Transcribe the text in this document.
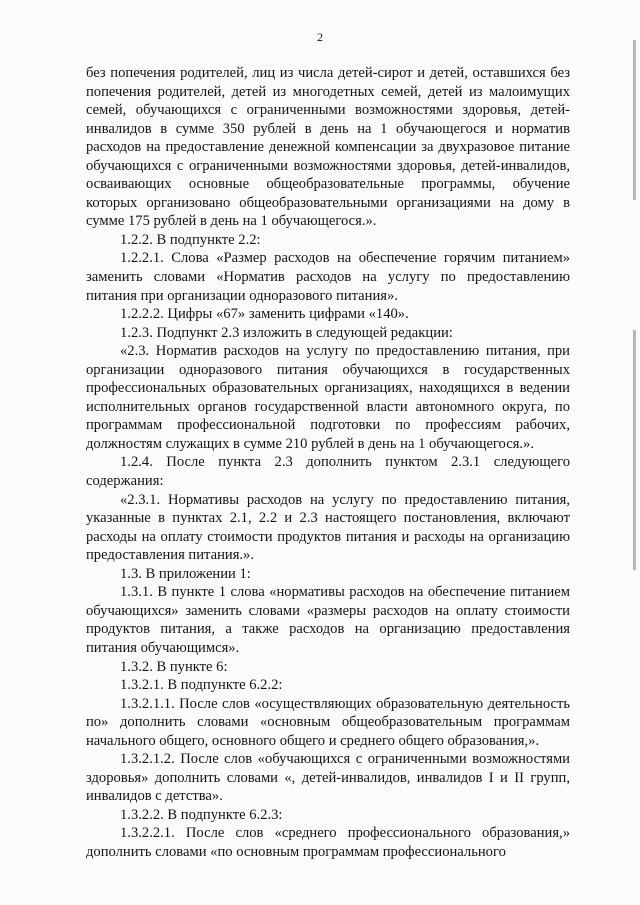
2

без попечения родителей, лиц из числа детей-сирот и детей, оставшихся без попечения родителей, детей из многодетных семей, детей из малоимущих семей, обучающихся с ограниченными возможностями здоровья, детей-инвалидов в сумме 350 рублей в день на 1 обучающегося и норматив расходов на предоставление денежной компенсации за двухразовое питание обучающихся с ограниченными возможностями здоровья, детей-инвалидов, осваивающих основные общеобразовательные программы, обучение которых организовано общеобразовательными организациями на дому в сумме 175 рублей в день на 1 обучающегося.».

1.2.2. В подпункте 2.2:

1.2.2.1. Слова «Размер расходов на обеспечение горячим питанием» заменить словами «Норматив расходов на услугу по предоставлению питания при организации одноразового питания».

1.2.2.2. Цифры «67» заменить цифрами «140».

1.2.3. Подпункт 2.3 изложить в следующей редакции:

«2.3. Норматив расходов на услугу по предоставлению питания, при организации одноразового питания обучающихся в государственных профессиональных образовательных организациях, находящихся в ведении исполнительных органов государственной власти автономного округа, по программам профессиональной подготовки по профессиям рабочих, должностям служащих в сумме 210 рублей в день на 1 обучающегося.».

1.2.4. После пункта 2.3 дополнить пунктом 2.3.1 следующего содержания:

«2.3.1. Нормативы расходов на услугу по предоставлению питания, указанные в пунктах 2.1, 2.2 и 2.3 настоящего постановления, включают расходы на оплату стоимости продуктов питания и расходы на организацию предоставления питания.».

1.3. В приложении 1:

1.3.1. В пункте 1 слова «нормативы расходов на обеспечение питанием обучающихся» заменить словами «размеры расходов на оплату стоимости продуктов питания, а также расходов на организацию предоставления питания обучающимся».

1.3.2. В пункте 6:

1.3.2.1. В подпункте 6.2.2:

1.3.2.1.1. После слов «осуществляющих образовательную деятельность по» дополнить словами «основным общеобразовательным программам начального общего, основного общего и среднего общего образования,».

1.3.2.1.2. После слов «обучающихся с ограниченными возможностями здоровья» дополнить словами «, детей-инвалидов, инвалидов I и II групп, инвалидов с детства».

1.3.2.2. В подпункте 6.2.3:

1.3.2.2.1. После слов «среднего профессионального образования,» дополнить словами «по основным программам профессионального
